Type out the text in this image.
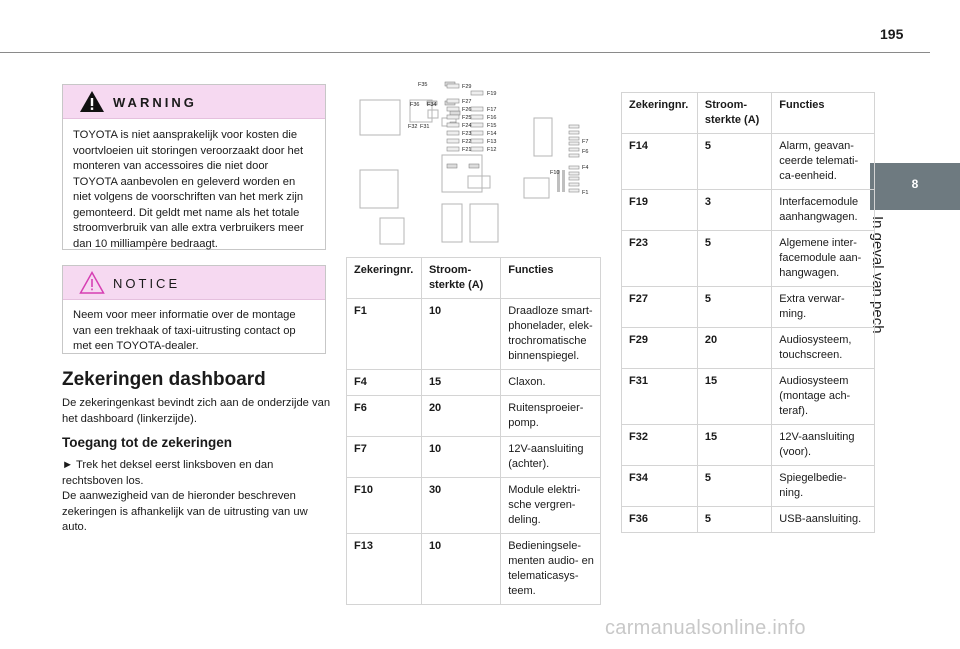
195
8
In geval van pech
WARNING
TOYOTA is niet aansprakelijk voor kosten die voortvloeien uit storingen veroorzaakt door het monteren van accessoires die niet door TOYOTA aanbevolen en geleverd worden en niet volgens de voorschriften van het merk zijn gemonteerd. Dit geldt met name als het totale stroomverbruik van alle extra verbruikers meer dan 10 milliampère bedraagt.
NOTICE
Neem voor meer informatie over de montage van een trekhaak of taxi-uitrusting contact op met een TOYOTA-dealer.
Zekeringen dashboard
De zekeringenkast bevindt zich aan de onderzijde van het dashboard (linkerzijde).
Toegang tot de zekeringen
► Trek het deksel eerst linksboven en dan rechtsboven los.
De aanwezigheid van de hieronder beschreven zekeringen is afhankelijk van de uitrusting van uw auto.
F35
F36 F34
F32 F31
F29
F27
F26
F25
F24
F23
F22
F21
F19
F17
F16
F15
F14
F13
F12
F7
F6
F4
F10
F1
Zekeringnr.	Stroom-
sterkte (A)	Functies
F1	10	Draadloze smart-
phonelader, elek-
trochromatische
binnenspiegel.
F4	15	Claxon.
F6	20	Ruitensproeier-
pomp.
F7	10	12V-aansluiting
(achter).
F10	30	Module elektri-
sche vergren-
deling.
F13	10	Bedieningsele-
menten audio- en
telematicasys-
teem.
Zekeringnr.	Stroom-
sterkte (A)	Functies
F14	5	Alarm, geavan-
ceerde telemati-
ca-eenheid.
F19	3	Interfacemodule
aanhangwagen.
F23	5	Algemene inter-
facemodule aan-
hangwagen.
F27	5	Extra verwar-
ming.
F29	20	Audiosysteem,
touchscreen.
F31	15	Audiosysteem
(montage ach-
teraf).
F32	15	12V-aansluiting
(voor).
F34	5	Spiegelbedie-
ning.
F36	5	USB-aansluiting.
carmanualsonline.info
